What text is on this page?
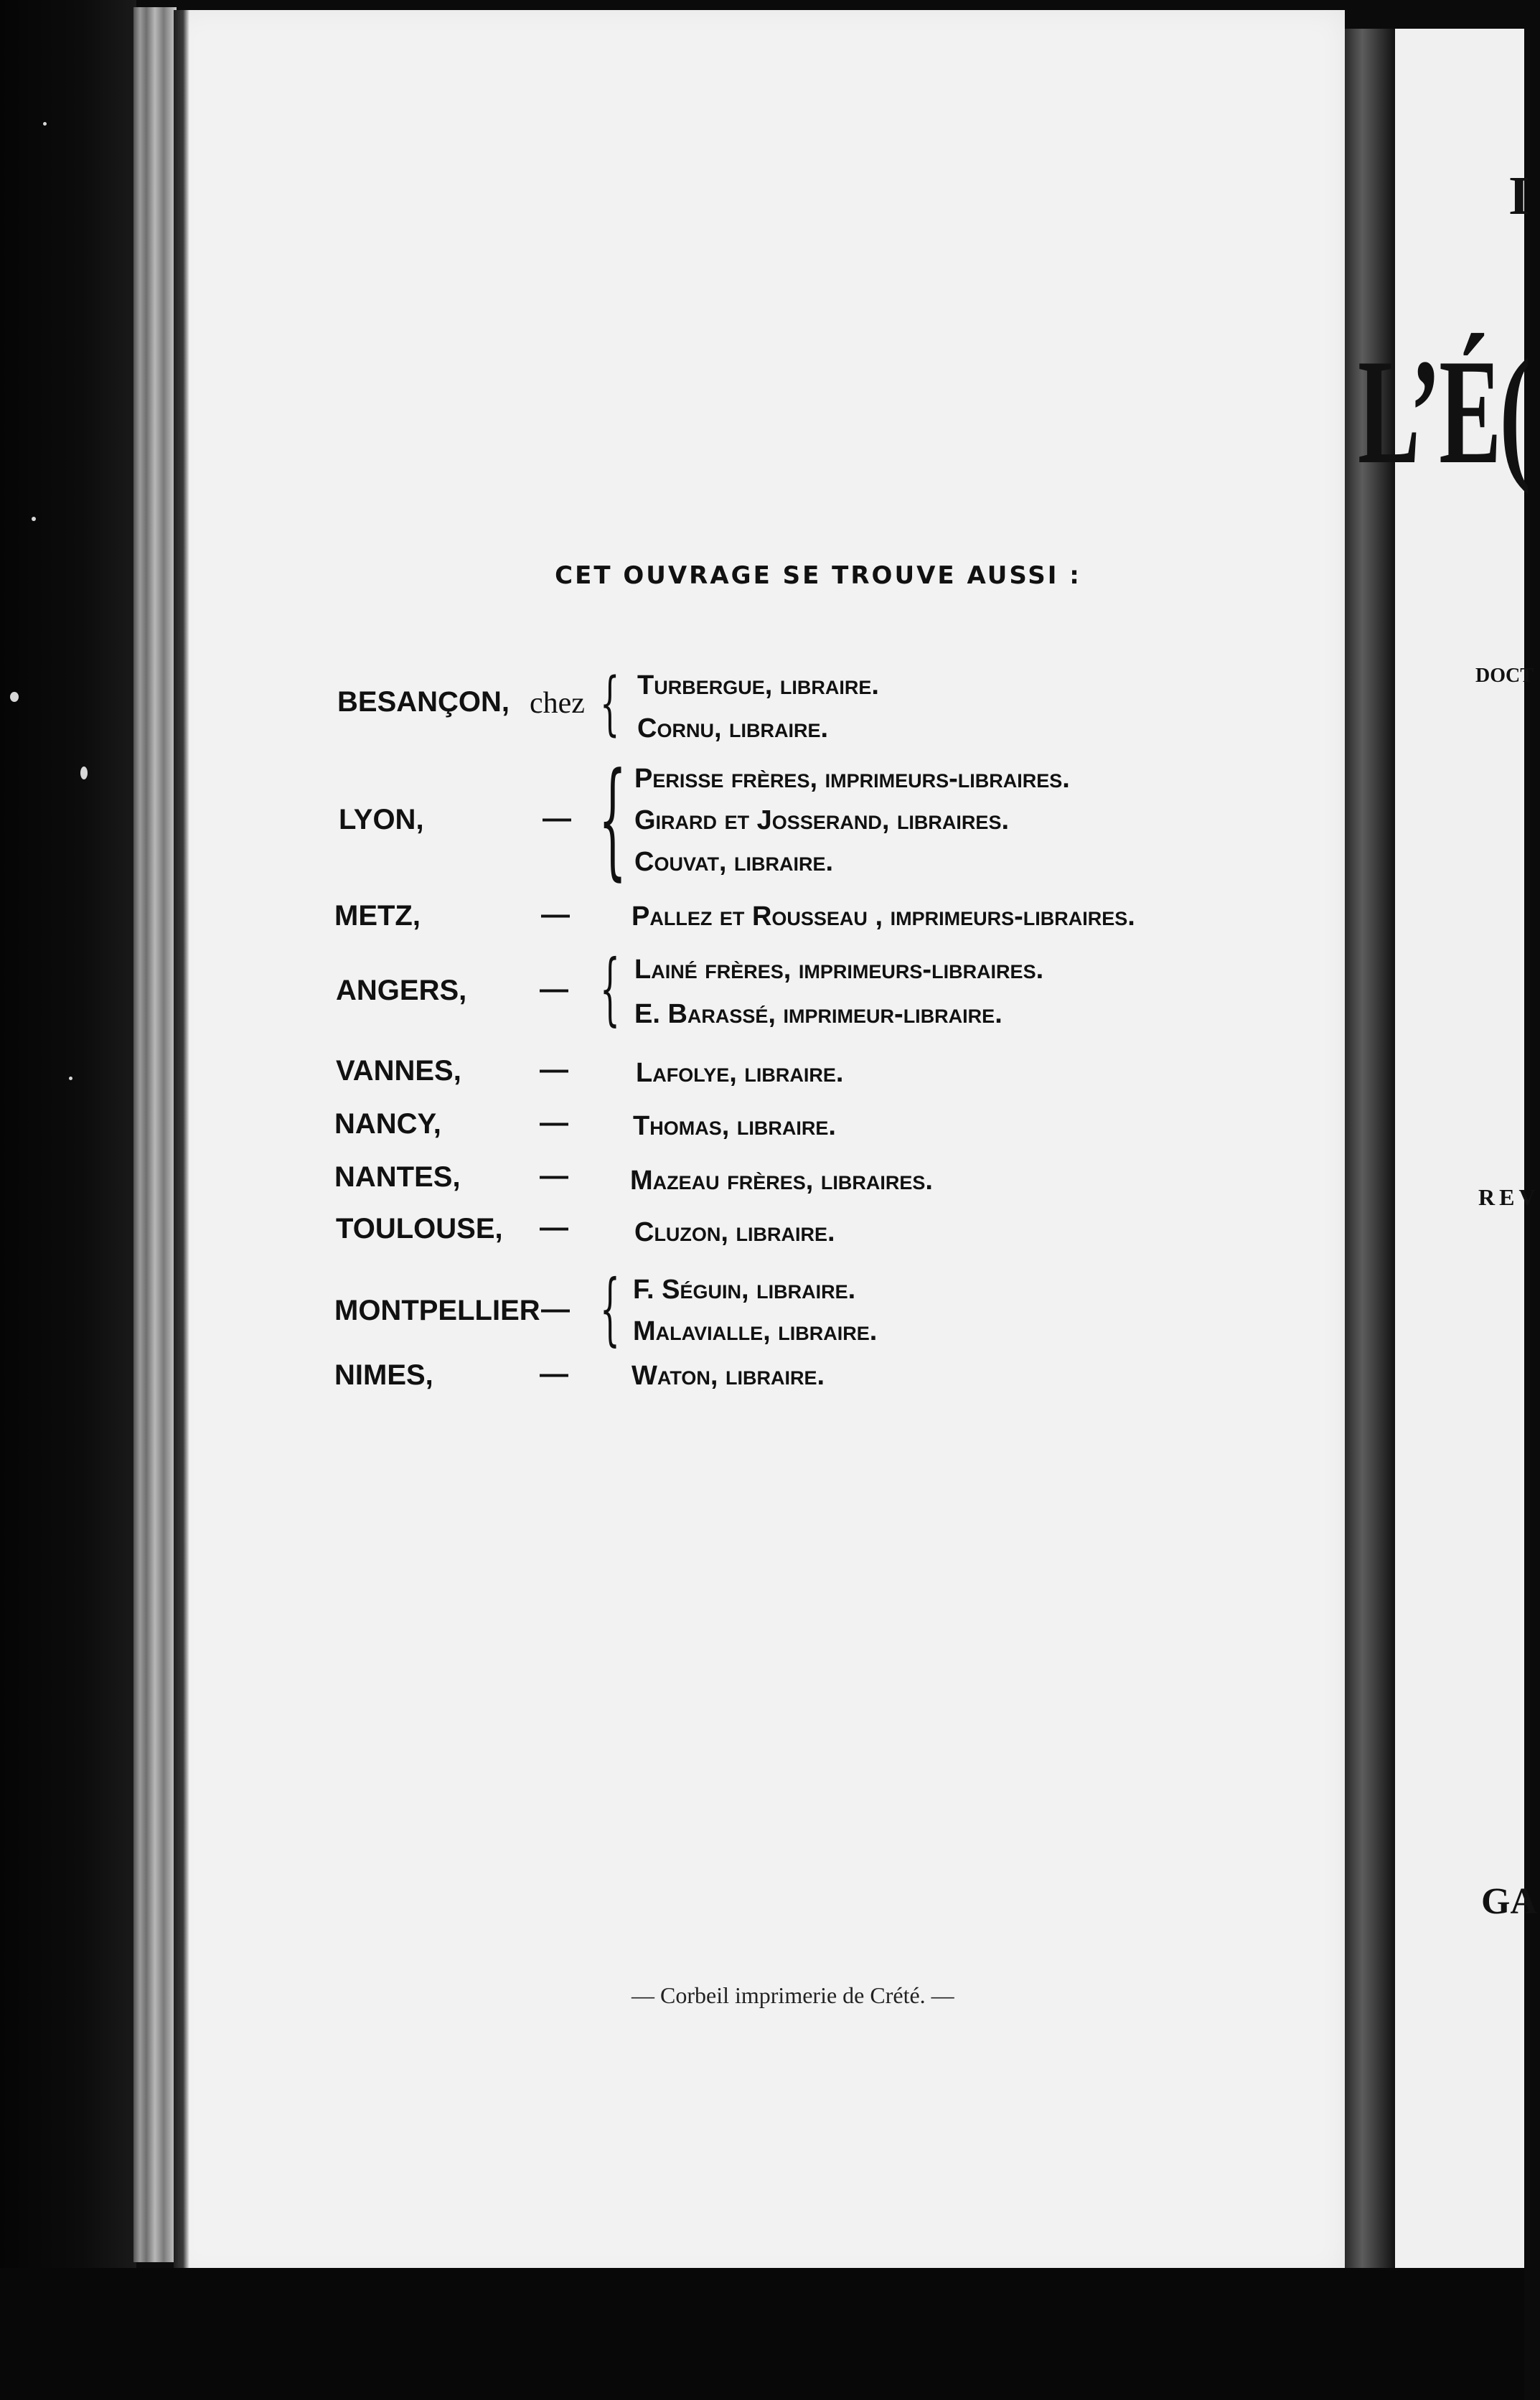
I
L’É(
DOCT
REV
GA
CET OUVRAGE SE TROUVE AUSSI :
BESANÇON, chez { Turbergue, libraire.
Cornu, libraire.
LYON,	— { Perisse frères, imprimeurs-libraires.
Girard et Josserand, libraires.
Couvat, libraire.
METZ,	— Pallez et Rousseau , imprimeurs-libraires.
ANGERS,	— { Lainé frères, imprimeurs-libraires.
E. Barassé, imprimeur-libraire.
VANNES,	— Lafolye, libraire.
NANCY,	— Thomas, libraire.
NANTES,	— Mazeau frères, libraires.
TOULOUSE, — Cluzon, libraire.
MONTPELLIER — { F. Séguin, libraire.
Malavialle, libraire.
NIMES,	— Waton, libraire.
— Corbeil imprimerie de Crété. —
